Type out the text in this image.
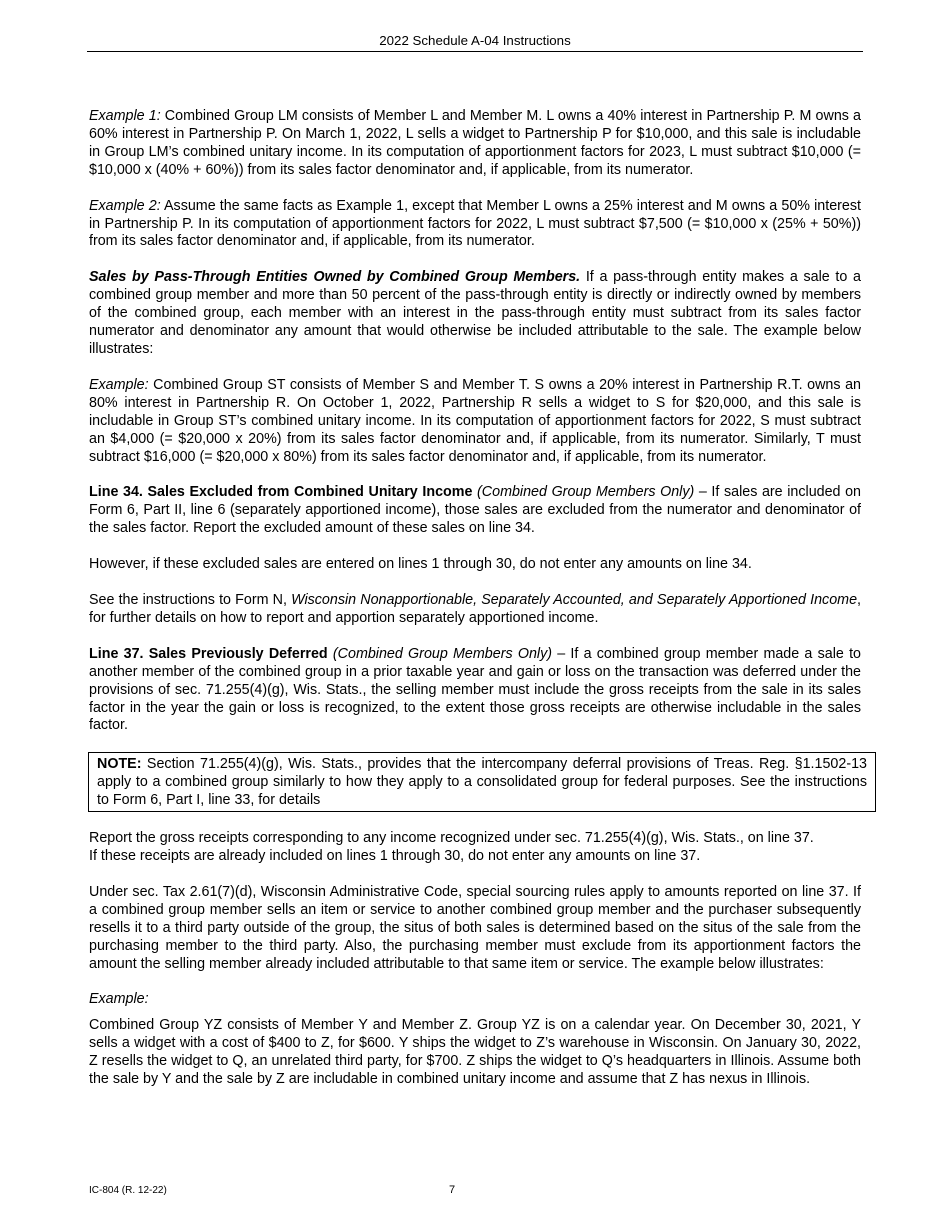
2022 Schedule A-04 Instructions

Example 1: Combined Group LM consists of Member L and Member M. L owns a 40% interest in Partnership P. M owns a 60% interest in Partnership P. On March 1, 2022, L sells a widget to Partnership P for $10,000, and this sale is includable in Group LM’s combined unitary income. In its computation of apportionment factors for 2023, L must subtract $10,000 (= $10,000 x (40% + 60%)) from its sales factor denominator and, if applicable, from its numerator.

Example 2: Assume the same facts as Example 1, except that Member L owns a 25% interest and M owns a 50% interest in Partnership P. In its computation of apportionment factors for 2022, L must subtract $7,500 (= $10,000 x (25% + 50%)) from its sales factor denominator and, if applicable, from its numerator.

Sales by Pass-Through Entities Owned by Combined Group Members. If a pass-through entity makes a sale to a combined group member and more than 50 percent of the pass-through entity is directly or indirectly owned by members of the combined group, each member with an interest in the pass-through entity must subtract from its sales factor numerator and denominator any amount that would otherwise be included attributable to the sale. The example below illustrates:

Example: Combined Group ST consists of Member S and Member T. S owns a 20% interest in Partnership R.T. owns an 80% interest in Partnership R. On October 1, 2022, Partnership R sells a widget to S for $20,000, and this sale is includable in Group ST’s combined unitary income. In its computation of apportionment factors for 2022, S must subtract an $4,000 (= $20,000 x 20%) from its sales factor denominator and, if applicable, from its numerator. Similarly, T must subtract $16,000 (= $20,000 x 80%) from its sales factor denominator and, if applicable, from its numerator.

Line 34. Sales Excluded from Combined Unitary Income (Combined Group Members Only) – If sales are included on Form 6, Part II, line 6 (separately apportioned income), those sales are excluded from the numerator and denominator of the sales factor. Report the excluded amount of these sales on line 34.

However, if these excluded sales are entered on lines 1 through 30, do not enter any amounts on line 34.

See the instructions to Form N, Wisconsin Nonapportionable, Separately Accounted, and Separately Apportioned Income, for further details on how to report and apportion separately apportioned income.

Line 37. Sales Previously Deferred (Combined Group Members Only) – If a combined group member made a sale to another member of the combined group in a prior taxable year and gain or loss on the transaction was deferred under the provisions of sec. 71.255(4)(g), Wis. Stats., the selling member must include the gross receipts from the sale in its sales factor in the year the gain or loss is recognized, to the extent those gross receipts are otherwise includable in the sales factor.

NOTE: Section 71.255(4)(g), Wis. Stats., provides that the intercompany deferral provisions of Treas. Reg. §1.1502-13 apply to a combined group similarly to how they apply to a consolidated group for federal purposes. See the instructions to Form 6, Part I, line 33, for details

Report the gross receipts corresponding to any income recognized under sec. 71.255(4)(g), Wis. Stats., on line 37.
If these receipts are already included on lines 1 through 30, do not enter any amounts on line 37.

Under sec. Tax 2.61(7)(d), Wisconsin Administrative Code, special sourcing rules apply to amounts reported on line 37. If a combined group member sells an item or service to another combined group member and the purchaser subsequently resells it to a third party outside of the group, the situs of both sales is determined based on the situs of the sale from the purchasing member to the third party. Also, the purchasing member must exclude from its apportionment factors the amount the selling member already included attributable to that same item or service. The example below illustrates:

Example:

Combined Group YZ consists of Member Y and Member Z. Group YZ is on a calendar year. On December 30, 2021, Y sells a widget with a cost of $400 to Z, for $600. Y ships the widget to Z’s warehouse in Wisconsin. On January 30, 2022, Z resells the widget to Q, an unrelated third party, for $700. Z ships the widget to Q’s headquarters in Illinois. Assume both the sale by Y and the sale by Z are includable in combined unitary income and assume that Z has nexus in Illinois.

IC-804 (R. 12-22)	7
